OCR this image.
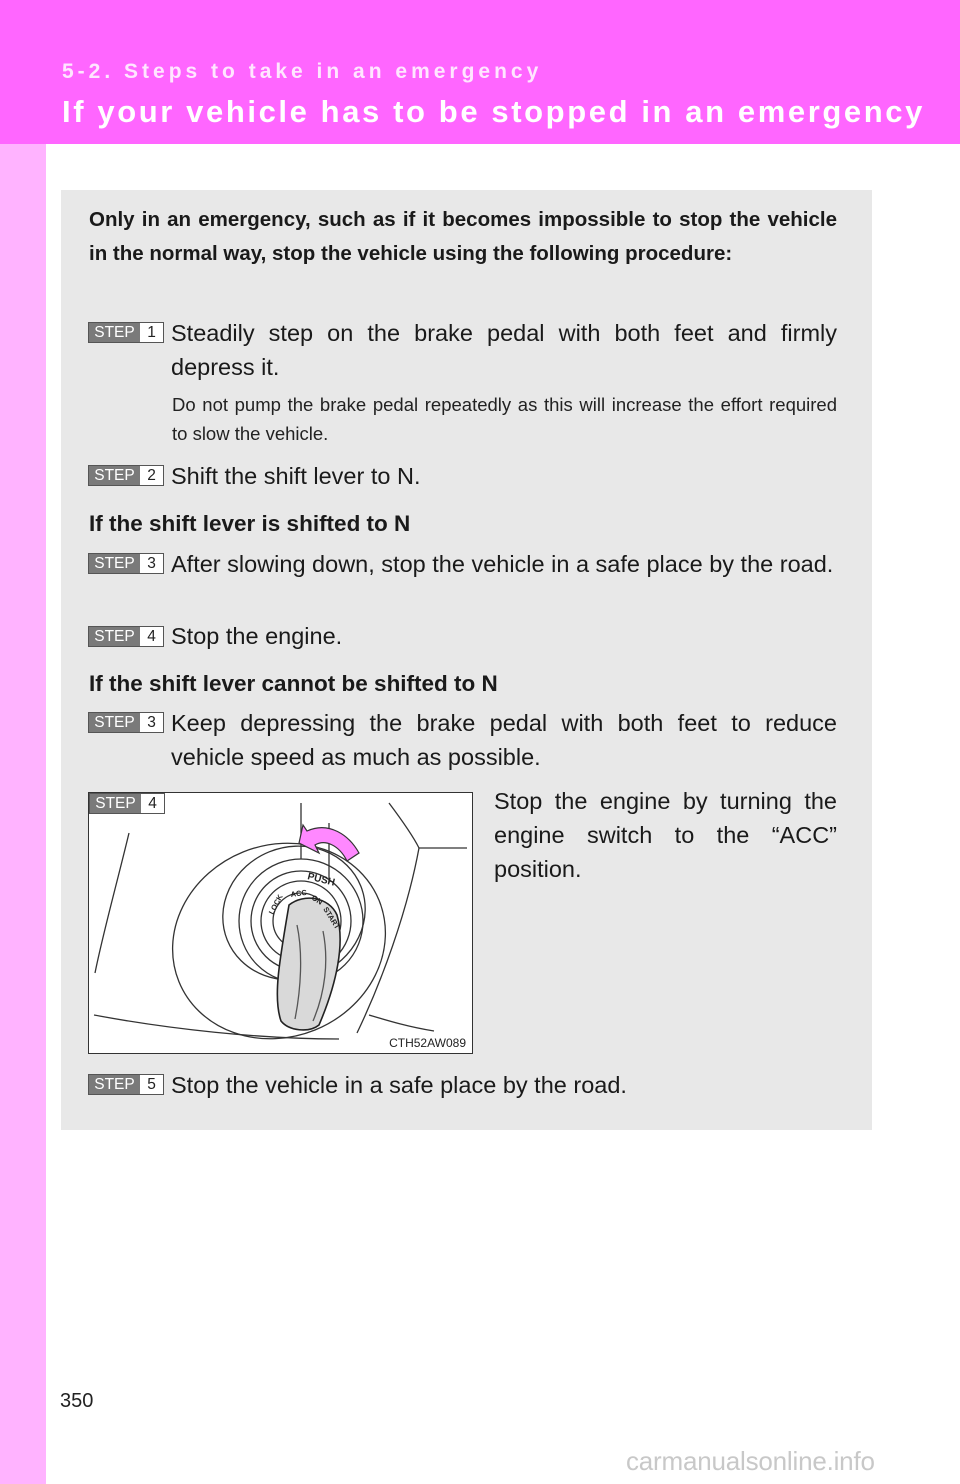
5-2. Steps to take in an emergency
If your vehicle has to be stopped in an emergency
Only in an emergency, such as if it becomes impossible to stop the vehicle in the normal way, stop the vehicle using the following procedure:
STEP 1 Steadily step on the brake pedal with both feet and firmly depress it.
Do not pump the brake pedal repeatedly as this will increase the effort required to slow the vehicle.
STEP 2 Shift the shift lever to N.
If the shift lever is shifted to N
STEP 3 After slowing down, stop the vehicle in a safe place by the road.
STEP 4 Stop the engine.
If the shift lever cannot be shifted to N
STEP 3 Keep depressing the brake pedal with both feet to reduce vehicle speed as much as possible.
PUSH
ACC
LOCK	ON
START
STEP 4
CTH52AW089
Stop the engine by turning the engine switch to the “ACC” position.
STEP 5 Stop the vehicle in a safe place by the road.
350
carmanualsonline.info
